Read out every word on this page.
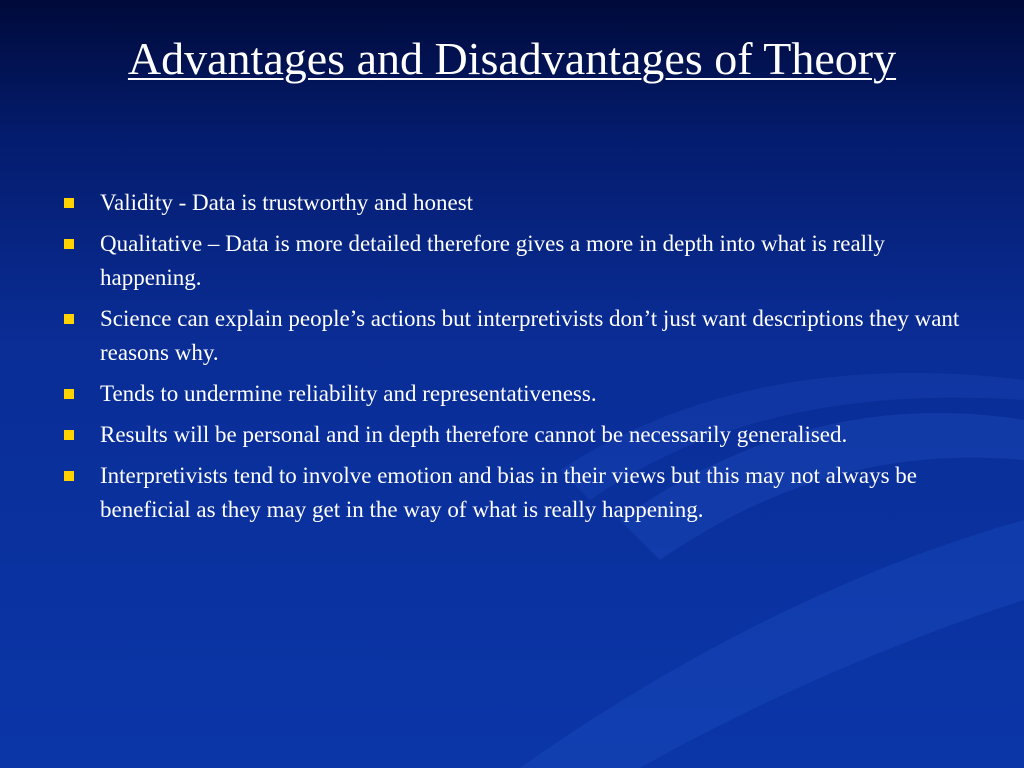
Advantages and Disadvantages of Theory
Validity - Data is trustworthy and honest
Qualitative – Data is more detailed therefore gives a more in depth into what is really happening.
Science can explain people’s actions but interpretivists don’t just want descriptions they want reasons why.
Tends to undermine reliability and representativeness.
Results will be personal and in depth therefore cannot be necessarily generalised.
Interpretivists tend to involve emotion and bias in their views but this may not always be beneficial as they may get in the way of what is really happening.
